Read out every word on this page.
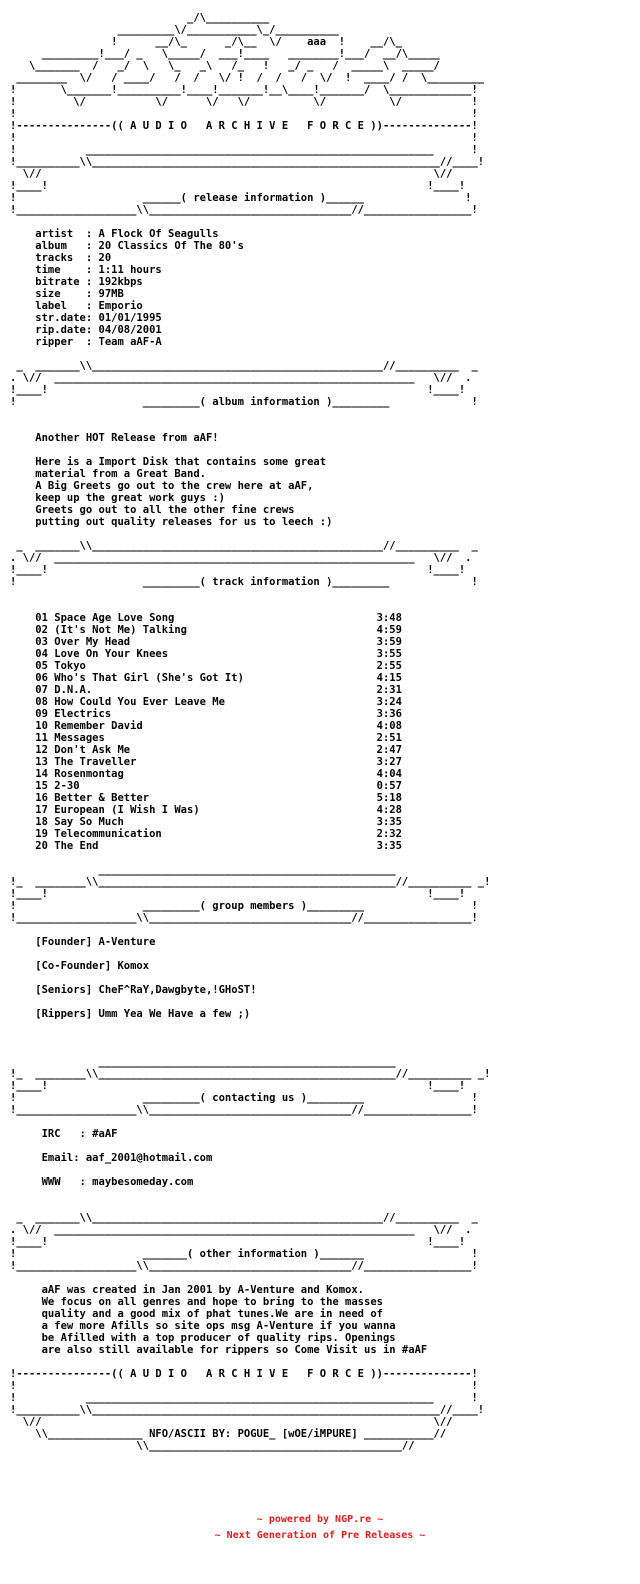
_/\__________
_________\/___________\_/__________
!      __/\_      _/\__  \/    aaa  !    __/\_
_________!___/ _   \_____/  ___!____   ________!___/  __/\_____
\_______  /   _/  \   \_   _\   /_   !   _/ _   /  _____\  _____/
________  \/   / ____/   /  /   \/ !  /  /   /  \/  !  ____/ /  \_________
!       \_______!__________!____!_______!__\____!_______/  \_____________!
!         \/           \/      \/   \/          \/          \/           !
!                                                                        !
!---------------(( A U D I O   A R C H I V E   F O R C E ))--------------!
!                                                                        !
!           _______________________________________________________      !
!__________\\_______________________________________________________//____!
\//                                                              \//
!____!                                                            !____!
!                    ______( release information )______                !
!___________________\\________________________________//_________________!

artist  : A Flock Of Seagulls
album   : 20 Classics Of The 80's
tracks  : 20
time    : 1:11 hours
bitrate : 192kbps
size    : 97MB
label   : Emporio
str.date: 01/01/1995
rip.date: 04/08/2001
ripper  : Team aAF-A

_  _______\\______________________________________________//__________  _
. \//  _________________________________________________________   \//  .
!____!                                                            !____!
!                    _________( album information )_________             !

Another HOT Release from aAF!

Here is a Import Disk that contains some great
material from a Great Band.
A Big Greets go out to the crew here at aAF,
keep up the great work guys :)
Greets go out to all the other fine crews
putting out quality releases for us to leech :)

_  _______\\______________________________________________//__________  _
. \//  _________________________________________________________   \//  .
!____!                                                            !____!
!                    _________( track information )_________             !

01 Space Age Love Song                                3:48
02 (It's Not Me) Talking                              4:59
03 Over My Head                                       3:59
04 Love On Your Knees                                 3:55
05 Tokyo                                              2:55
06 Who's That Girl (She's Got It)                     4:15
07 D.N.A.                                             2:31
08 How Could You Ever Leave Me                        3:24
09 Electrics                                          3:36
10 Remember David                                     4:08
11 Messages                                           2:51
12 Don't Ask Me                                       2:47
13 The Traveller                                      3:27
14 Rosenmontag                                        4:04
15 2-30                                               0:57
16 Better & Better                                    5:18
17 European (I Wish I Was)                            4:28
18 Say So Much                                        3:35
19 Telecommunication                                  2:32
20 The End                                            3:35

_______________________________________________
!_  ________\\_______________________________________________//__________ _!
!____!                                                            !____!
!                    _________( group members )_________                 !
!___________________\\________________________________//_________________!

[Founder] A-Venture

[Co-Founder] Komox

[Seniors] CheF^RaY,Dawgbyte,!GHoST!

[Rippers] Umm Yea We Have a few ;)

_______________________________________________
!_  ________\\_______________________________________________//__________ _!
!____!                                                            !____!
!                    _________( contacting us )_________                 !
!___________________\\________________________________//_________________!

IRC   : #aAF

Email: aaf_2001@hotmail.com

WWW   : maybesomeday.com

_  _______\\______________________________________________//__________  _
. \//  _________________________________________________________   \//  .
!____!                                                            !____!
!                    _______( other information )_______                 !
!___________________\\________________________________//_________________!

aAF was created in Jan 2001 by A-Venture and Komox.
We focus on all genres and hope to bring to the masses
quality and a good mix of phat tunes.We are in need of
a few more Afills so site ops msg A-Venture if you wanna
be Afilled with a top producer of quality rips. Openings
are also still available for rippers so Come Visit us in #aAF

!---------------(( A U D I O   A R C H I V E   F O R C E ))--------------!
!                                                                        !
!           _______________________________________________________      !
!__________\\_______________________________________________________//____!
\//                                                              \//
\\_______________ NFO/ASCII BY: POGUE_ [wOE/iMPURE] ___________//
\\________________________________________//

~ powered by NGP.re ~
~ Next Generation of Pre Releases ~
